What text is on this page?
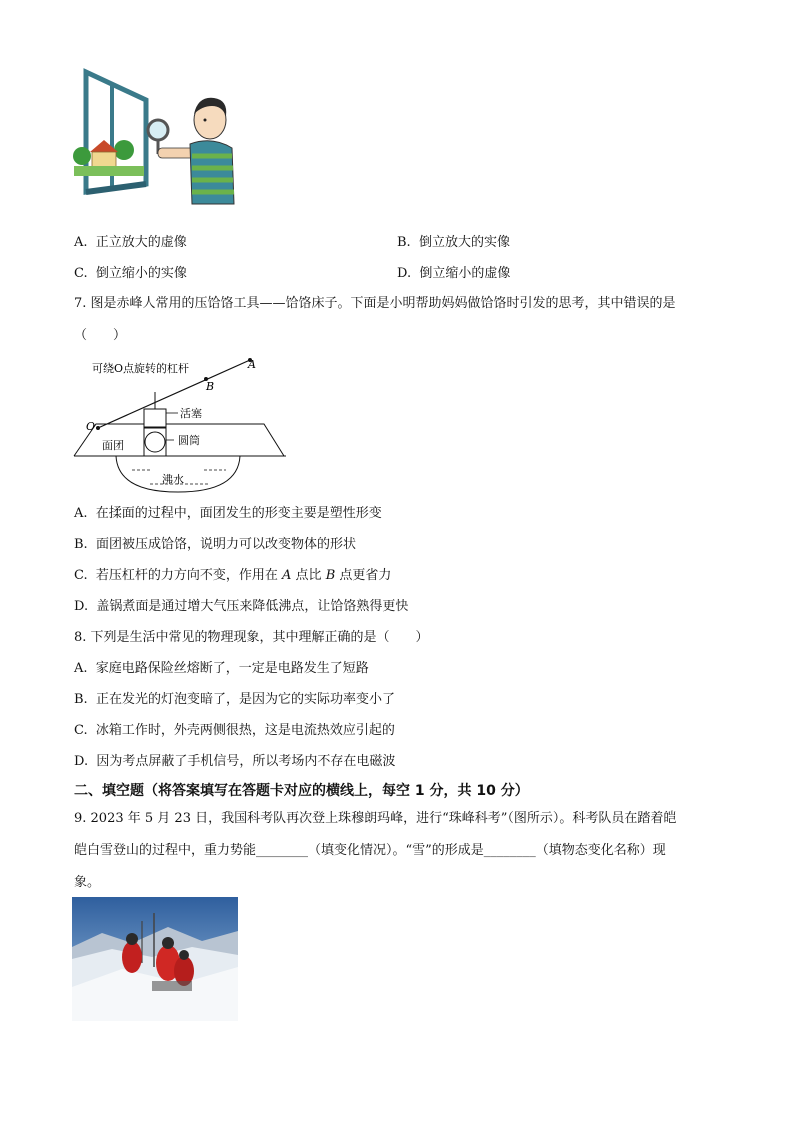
A. 正立放大的虚像	B. 倒立放大的实像
C. 倒立缩小的实像	D. 倒立缩小的虚像
7. 图是赤峰人常用的压饸饹工具——饸饹床子。下面是小明帮助妈妈做饸饹时引发的思考，其中错误的是
（　　）
可绕O点旋转的杠杆	A
B
O
活塞
圆筒
面团
沸水
A. 在揉面的过程中，面团发生的形变主要是塑性形变
B. 面团被压成饸饹，说明力可以改变物体的形状
C. 若压杠杆的力方向不变，作用在 A 点比 B 点更省力
D. 盖锅煮面是通过增大气压来降低沸点，让饸饹熟得更快
8. 下列是生活中常见的物理现象，其中理解正确的是（　　）
A. 家庭电路保险丝熔断了，一定是电路发生了短路
B. 正在发光的灯泡变暗了，是因为它的实际功率变小了
C. 冰箱工作时，外壳两侧很热，这是电流热效应引起的
D. 因为考点屏蔽了手机信号，所以考场内不存在电磁波
二、填空题（将答案填写在答题卡对应的横线上，每空 1 分，共 10 分）
9. 2023 年 5 月 23 日，我国科考队再次登上珠穆朗玛峰，进行“珠峰科考”（图所示）。科考队员在踏着皑
皑白雪登山的过程中，重力势能________（填变化情况）。“雪”的形成是________（填物态变化名称）现
象。
